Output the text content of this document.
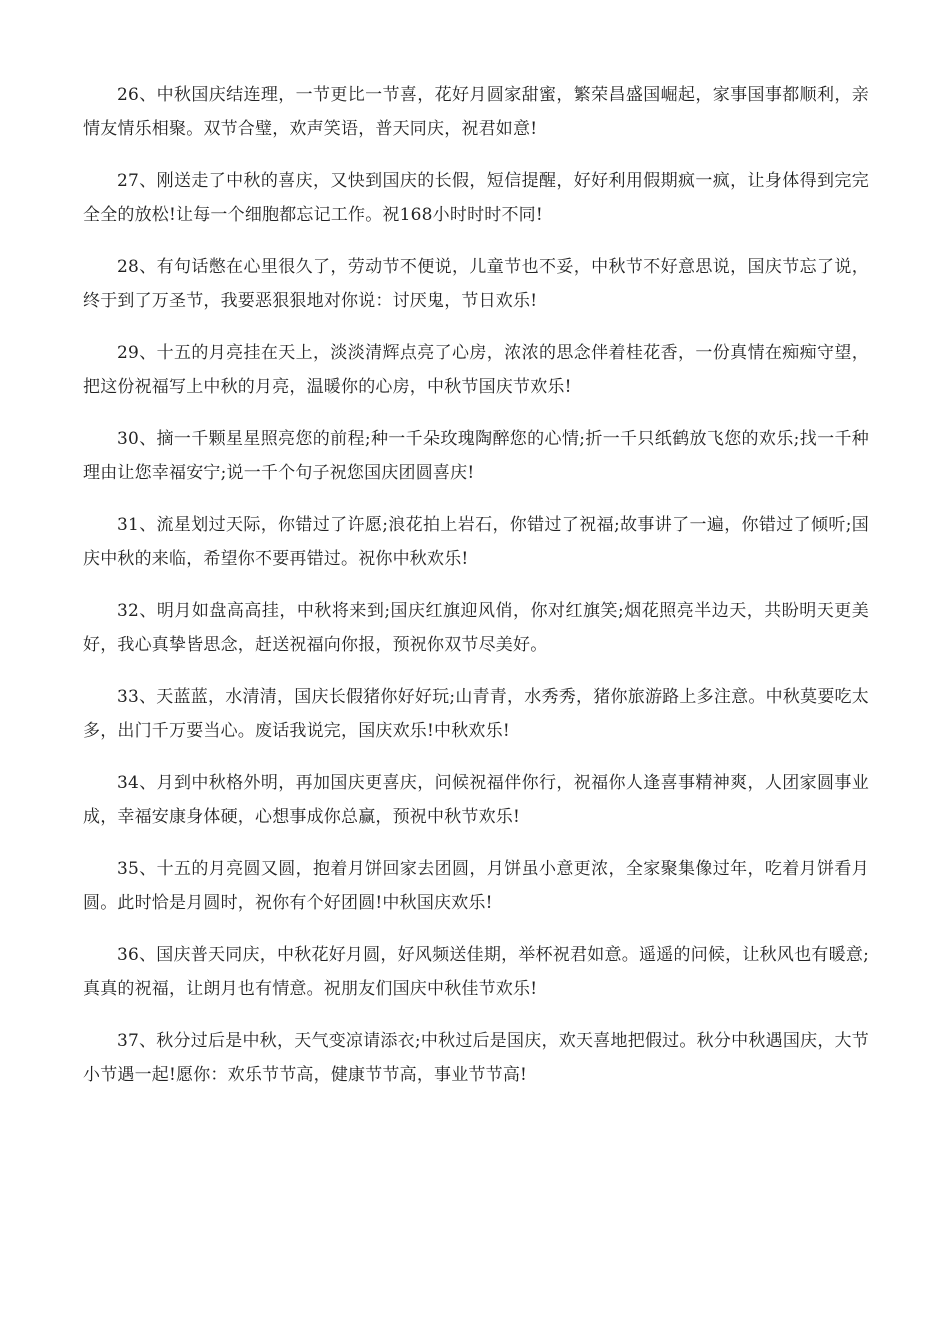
26、中秋国庆结连理，一节更比一节喜，花好月圆家甜蜜，繁荣昌盛国崛起，家事国事都顺利，亲情友情乐相聚。双节合璧，欢声笑语，普天同庆，祝君如意!

27、刚送走了中秋的喜庆，又快到国庆的长假，短信提醒，好好利用假期疯一疯，让身体得到完完全全的放松!让每一个细胞都忘记工作。祝168小时时时不同!

28、有句话憋在心里很久了，劳动节不便说，儿童节也不妥，中秋节不好意思说，国庆节忘了说，终于到了万圣节，我要恶狠狠地对你说：讨厌鬼，节日欢乐!

29、十五的月亮挂在天上，淡淡清辉点亮了心房，浓浓的思念伴着桂花香，一份真情在痴痴守望，把这份祝福写上中秋的月亮，温暖你的心房，中秋节国庆节欢乐!

30、摘一千颗星星照亮您的前程;种一千朵玫瑰陶醉您的心情;折一千只纸鹤放飞您的欢乐;找一千种理由让您幸福安宁;说一千个句子祝您国庆团圆喜庆!

31、流星划过天际，你错过了许愿;浪花拍上岩石，你错过了祝福;故事讲了一遍，你错过了倾听;国庆中秋的来临，希望你不要再错过。祝你中秋欢乐!

32、明月如盘高高挂，中秋将来到;国庆红旗迎风俏，你对红旗笑;烟花照亮半边天，共盼明天更美好，我心真挚皆思念，赶送祝福向你报，预祝你双节尽美好。

33、天蓝蓝，水清清，国庆长假猪你好好玩;山青青，水秀秀，猪你旅游路上多注意。中秋莫要吃太多，出门千万要当心。废话我说完，国庆欢乐!中秋欢乐!

34、月到中秋格外明，再加国庆更喜庆，问候祝福伴你行，祝福你人逢喜事精神爽，人团家圆事业成，幸福安康身体硬，心想事成你总赢，预祝中秋节欢乐!

35、十五的月亮圆又圆，抱着月饼回家去团圆，月饼虽小意更浓，全家聚集像过年，吃着月饼看月圆。此时恰是月圆时，祝你有个好团圆!中秋国庆欢乐!

36、国庆普天同庆，中秋花好月圆，好风频送佳期，举杯祝君如意。遥遥的问候，让秋风也有暖意;真真的祝福，让朗月也有情意。祝朋友们国庆中秋佳节欢乐!

37、秋分过后是中秋，天气变凉请添衣;中秋过后是国庆，欢天喜地把假过。秋分中秋遇国庆，大节小节遇一起!愿你：欢乐节节高，健康节节高，事业节节高!
